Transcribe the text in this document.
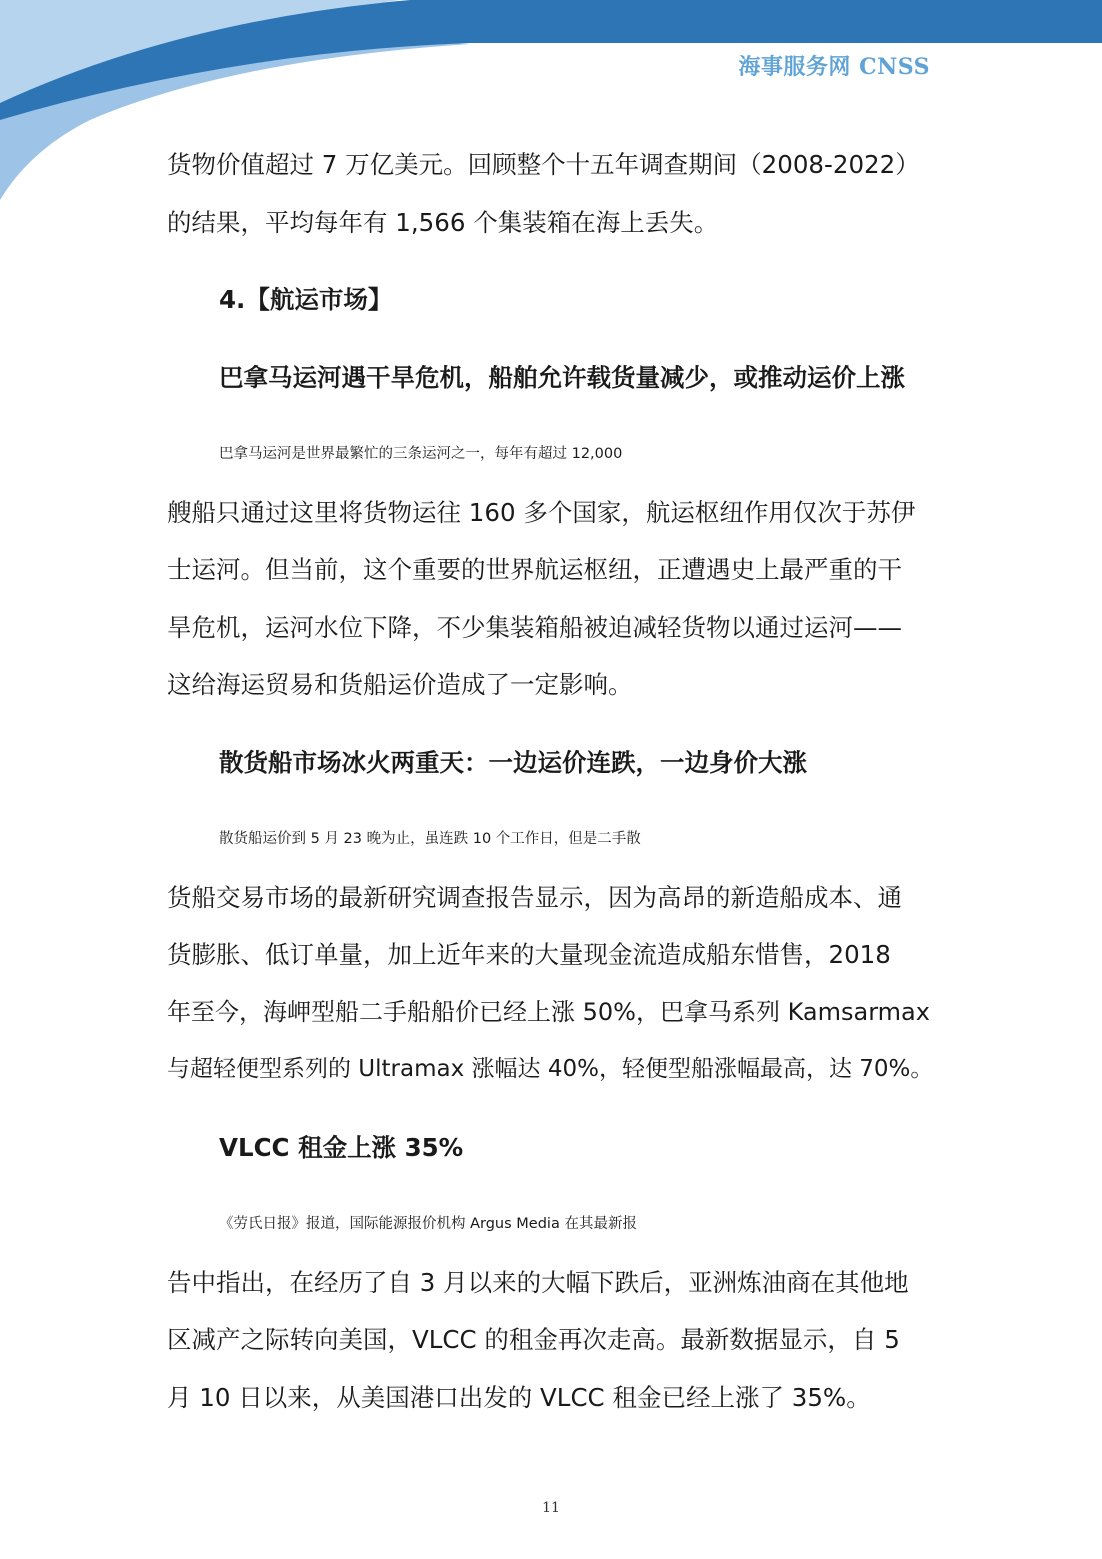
海事服务网 CNSS

货物价值超过 7 万亿美元。回顾整个十五年调查期间（2008-2022）
的结果，平均每年有 1,566 个集装箱在海上丢失。

4.【航运市场】
巴拿马运河遇干旱危机，船舶允许载货量减少，或推动运价上涨

巴拿马运河是世界最繁忙的三条运河之一，每年有超过 12,000
艘船只通过这里将货物运往 160 多个国家，航运枢纽作用仅次于苏伊
士运河。但当前，这个重要的世界航运枢纽，正遭遇史上最严重的干
旱危机，运河水位下降，不少集装箱船被迫减轻货物以通过运河——
这给海运贸易和货船运价造成了一定影响。

散货船市场冰火两重天：一边运价连跌，一边身价大涨

散货船运价到 5 月 23 晚为止，虽连跌 10 个工作日，但是二手散
货船交易市场的最新研究调查报告显示，因为高昂的新造船成本、通
货膨胀、低订单量，加上近年来的大量现金流造成船东惜售，2018
年至今，海岬型船二手船船价已经上涨 50%，巴拿马系列 Kamsarmax
与超轻便型系列的 Ultramax 涨幅达 40%，轻便型船涨幅最高，达 70%。

VLCC 租金上涨 35%

《劳氏日报》报道，国际能源报价机构 Argus Media 在其最新报
告中指出，在经历了自 3 月以来的大幅下跌后，亚洲炼油商在其他地
区减产之际转向美国，VLCC 的租金再次走高。最新数据显示，自 5
月 10 日以来，从美国港口出发的 VLCC 租金已经上涨了 35%。

11
